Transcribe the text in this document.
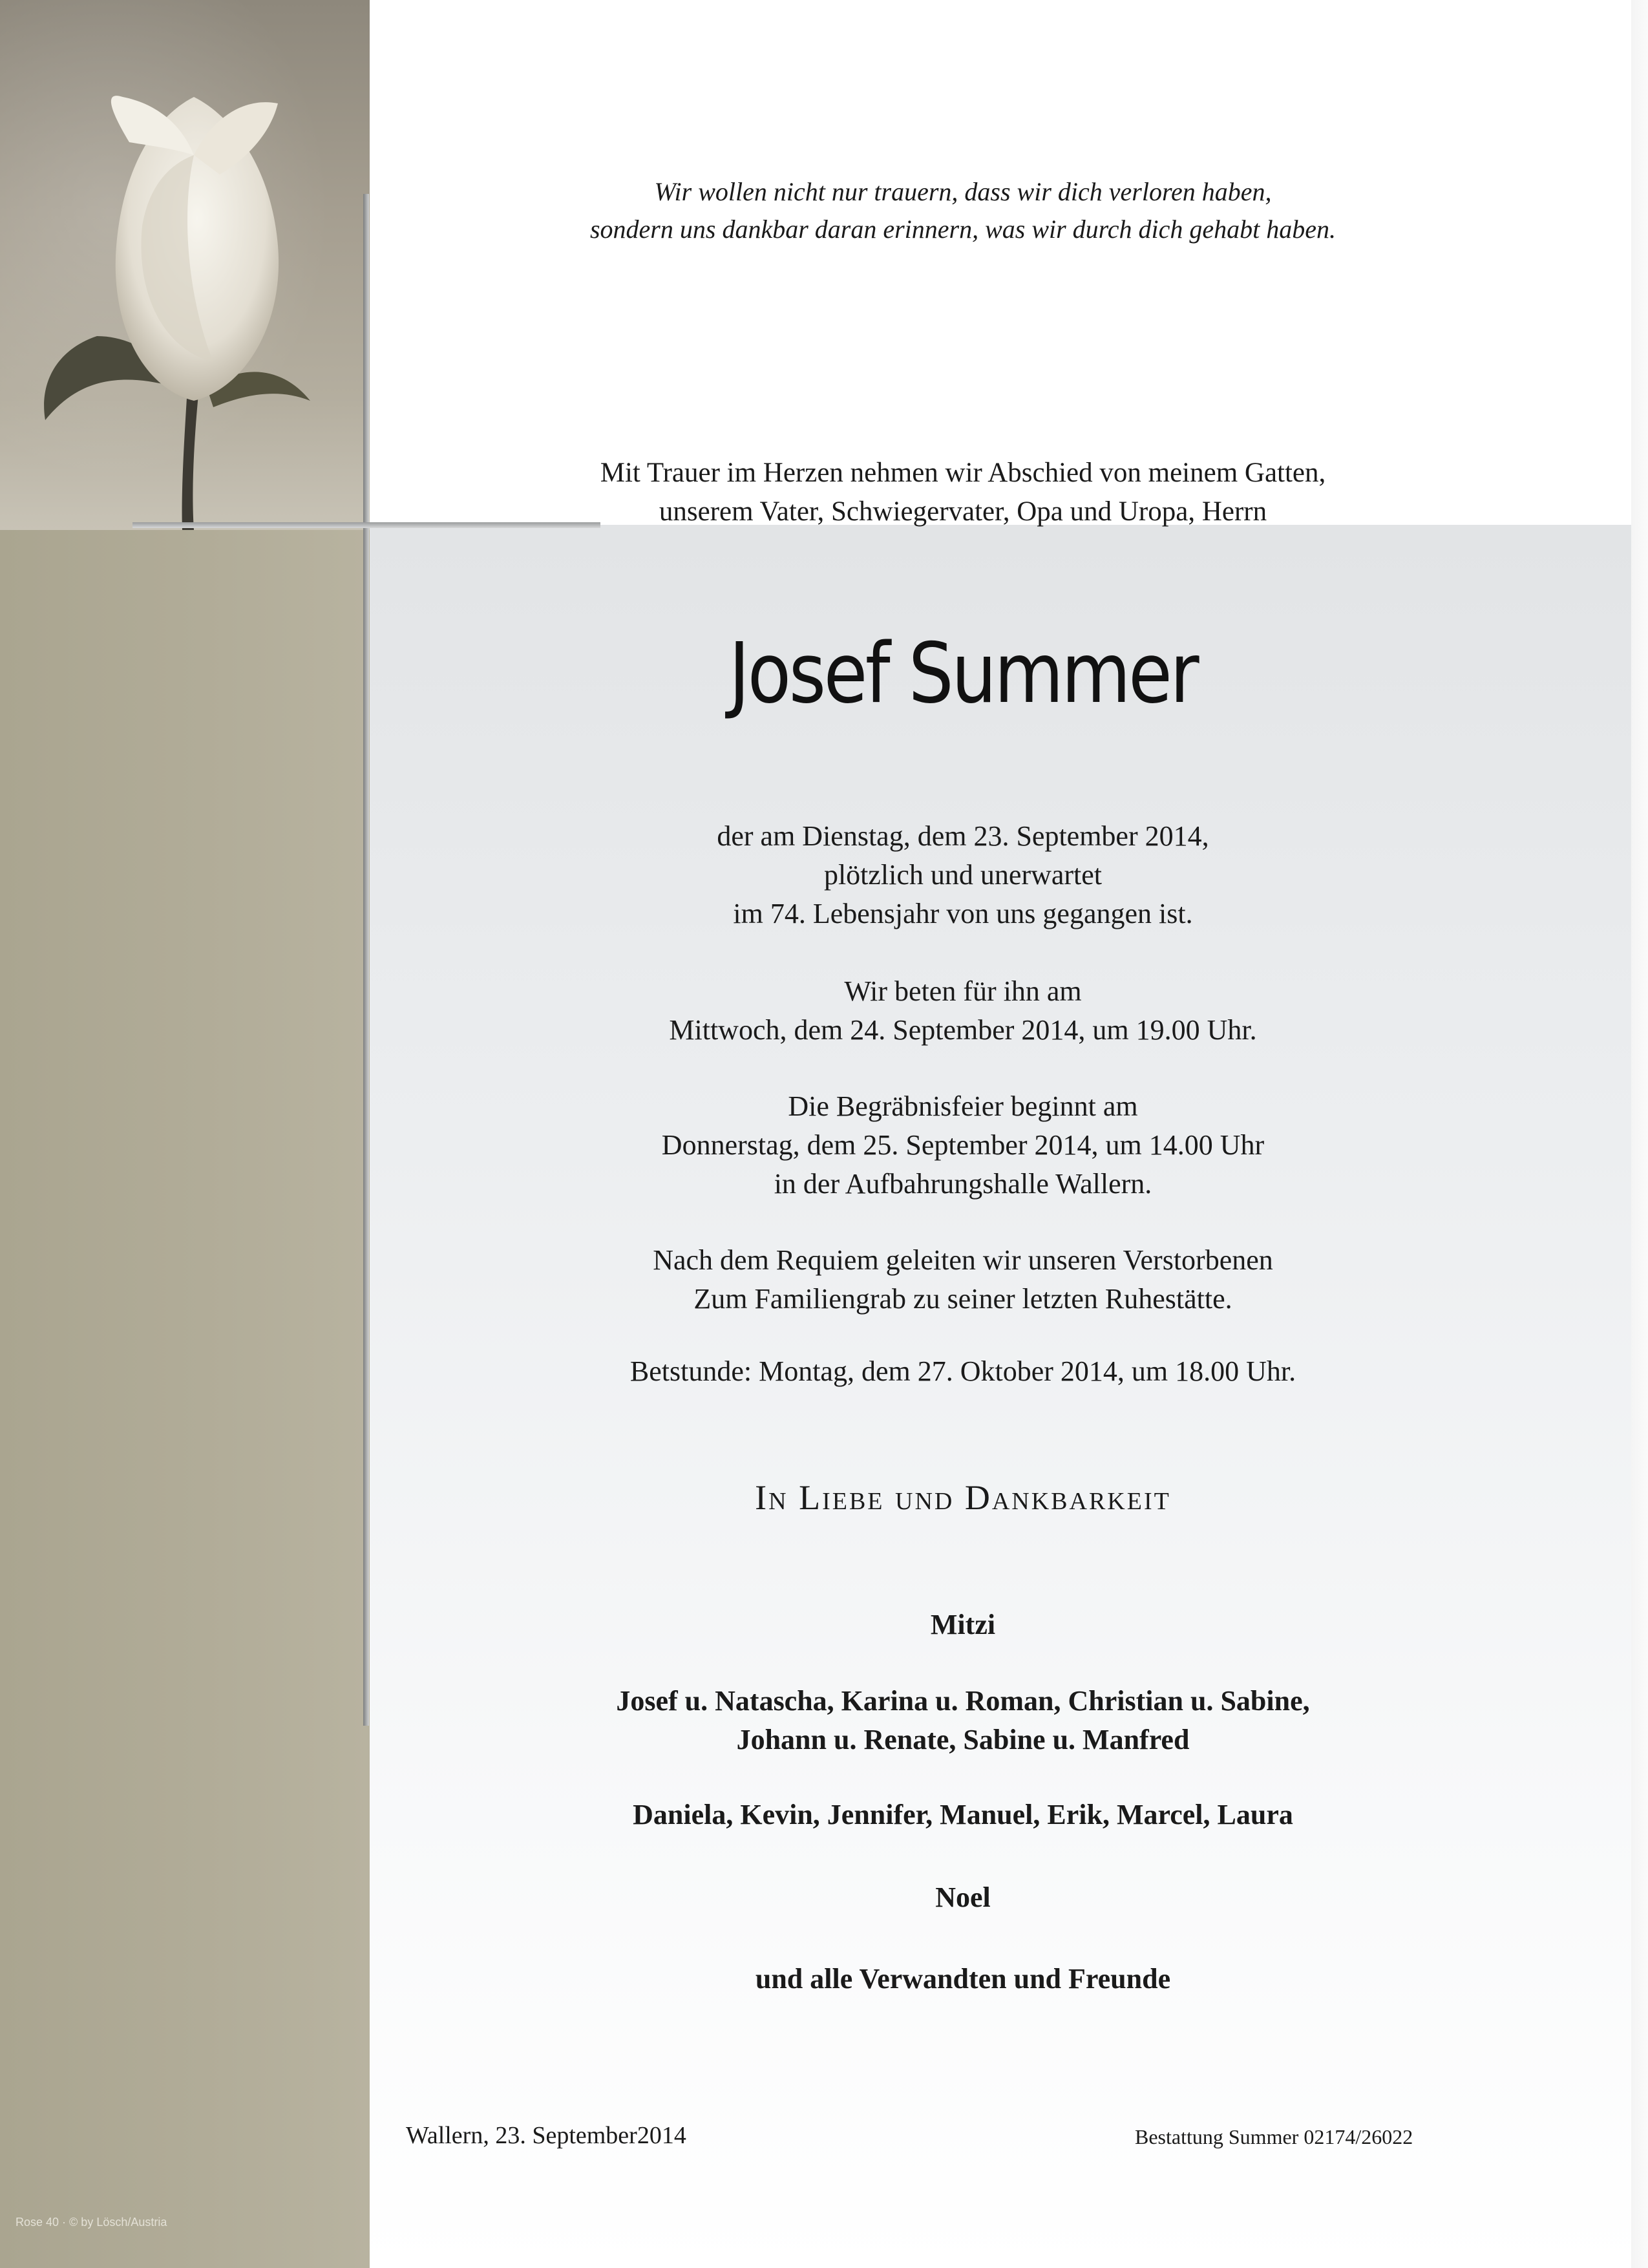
Wir wollen nicht nur trauern, dass wir dich verloren haben,
sondern uns dankbar daran erinnern, was wir durch dich gehabt haben.
Mit Trauer im Herzen nehmen wir Abschied von meinem Gatten,
unserem Vater, Schwiegervater, Opa und Uropa, Herrn
Josef Summer
der am Dienstag, dem 23. September 2014,
plötzlich und unerwartet
im 74. Lebensjahr von uns gegangen ist.
Wir beten für ihn am
Mittwoch, dem 24. September 2014, um 19.00 Uhr.
Die Begräbnisfeier beginnt am
Donnerstag, dem 25. September 2014, um 14.00 Uhr
in der Aufbahrungshalle Wallern.
Nach dem Requiem geleiten wir unseren Verstorbenen
Zum Familiengrab zu seiner letzten Ruhestätte.
Betstunde: Montag, dem 27. Oktober 2014, um 18.00 Uhr.
In Liebe und Dankbarkeit
Mitzi
Josef u. Natascha, Karina u. Roman, Christian u. Sabine,
Johann u. Renate, Sabine u. Manfred
Daniela, Kevin, Jennifer, Manuel, Erik, Marcel, Laura
Noel
und alle Verwandten und Freunde
Wallern, 23. September2014	Bestattung Summer 02174/26022
Rose 40 · © by Lösch/Austria
